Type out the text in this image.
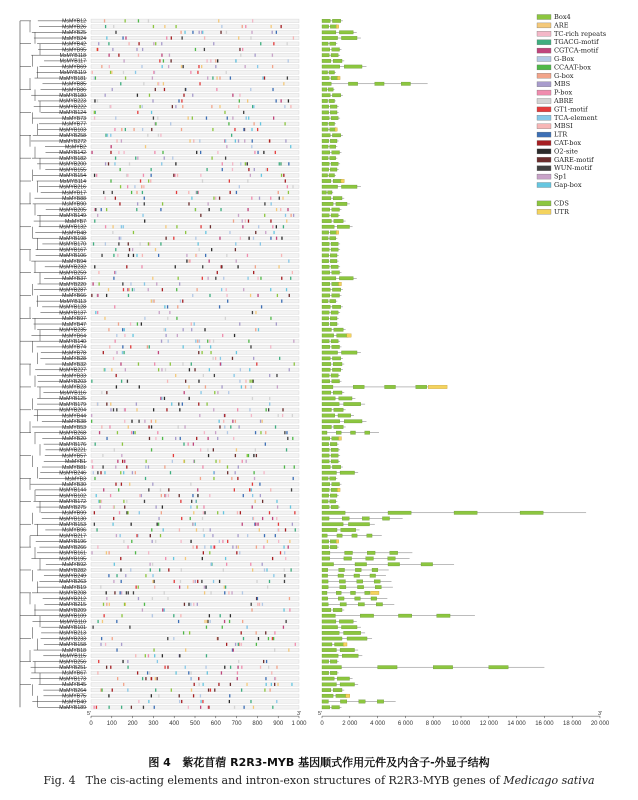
MsMYB12
MsMYB26
MsMYB25
MsMYB24
MsMYB42
MsMYB95
MsMYB118
MsMYB117
MsMYB69
MsMYB119
MsMYB181
MsMYB85
MsMYB86
MsMYB180
MsMYB223
MsMYB222
MsMYB124
MsMYB73
MsMYB77
MsMYB103
MsMYB258
MsMYB272
MsMYB2
MsMYB142
MsMYB182
MsMYB200
MsMYB155
MsMYB154
MsMYB114
MsMYB216
MsMYB17
MsMYB88
MsMYB90
MsMYB205
MsMYB149
MsMYB7
MsMYB132
MsMYB48
MsMYB198
MsMYB170
MsMYB167
MsMYB106
MsMYB94
MsMYB232
MsMYB259
MsMYB37
MsMYB220
MsMYB287
MsMYB66
MsMYB113
MsMYB128
MsMYB137
MsMYB97
MsMYB47
MsMYB235
MsMYB64
MsMYB140
MsMYB74
MsMYB78
MsMYB28
MsMYB32
MsMYB227
MsMYB33
MsMYB203
MsMYB23
MsMYB116
MsMYB125
MsMYB179
MsMYB204
MsMYB44
MsMYB38
MsMYB53
MsMYB268
MsMYB20
MsMYB176
MsMYB221
MsMYB57
MsMYB1
MsMYB81
MsMYB246
MsMYB3
MsMYB30
MsMYB144
MsMYB102
MsMYB172
MsMYB275
MsMYB99
MsMYB130
MsMYB153
MsMYB96
MsMYB217
MsMYB196
MsMYB266
MsMYB161
MsMYB195
MsMYB92
MsMYB282
MsMYB249
MsMYB263
MsMYB19
MsMYB208
MsMYB212
MsMYB215
MsMYB209
MsMYB109
MsMYB110
MsMYB101
MsMYB213
MsMYB233
MsMYB158
MsMYB18
MsMYB115
MsMYB256
MsMYB251
MsMYB67
MsMYB173
MsMYB45
MsMYB264
MsMYB75
MsMYB40
MsMYB189
0 100 200 300 400 500 600 700 800 900 1 000
5'	3'
0	2 000 4 000 6 000 8 000 10 000 12 000 14 000 16 000 18 000 20 000
5'	3'
Box4
ARE
TC-rich repeats
TGACG-motif
CGTCA-motif
G-Box
CCAAT-box
G-box
MBS
P-box
ABRE
GT1-motif
TCA-element
MBSI
LTR
CAT-box
O2-site
GARE-motif
WUN-motif
Sp1
Gap-box
CDS
UTR
图 4 紫花苜蓿 R2R3-MYB 基因顺式作用元件及内含子-外显子结构
Fig. 4 The cis-acting elements and intron-exon structures of R2R3-MYB genes of Medicago sativa
